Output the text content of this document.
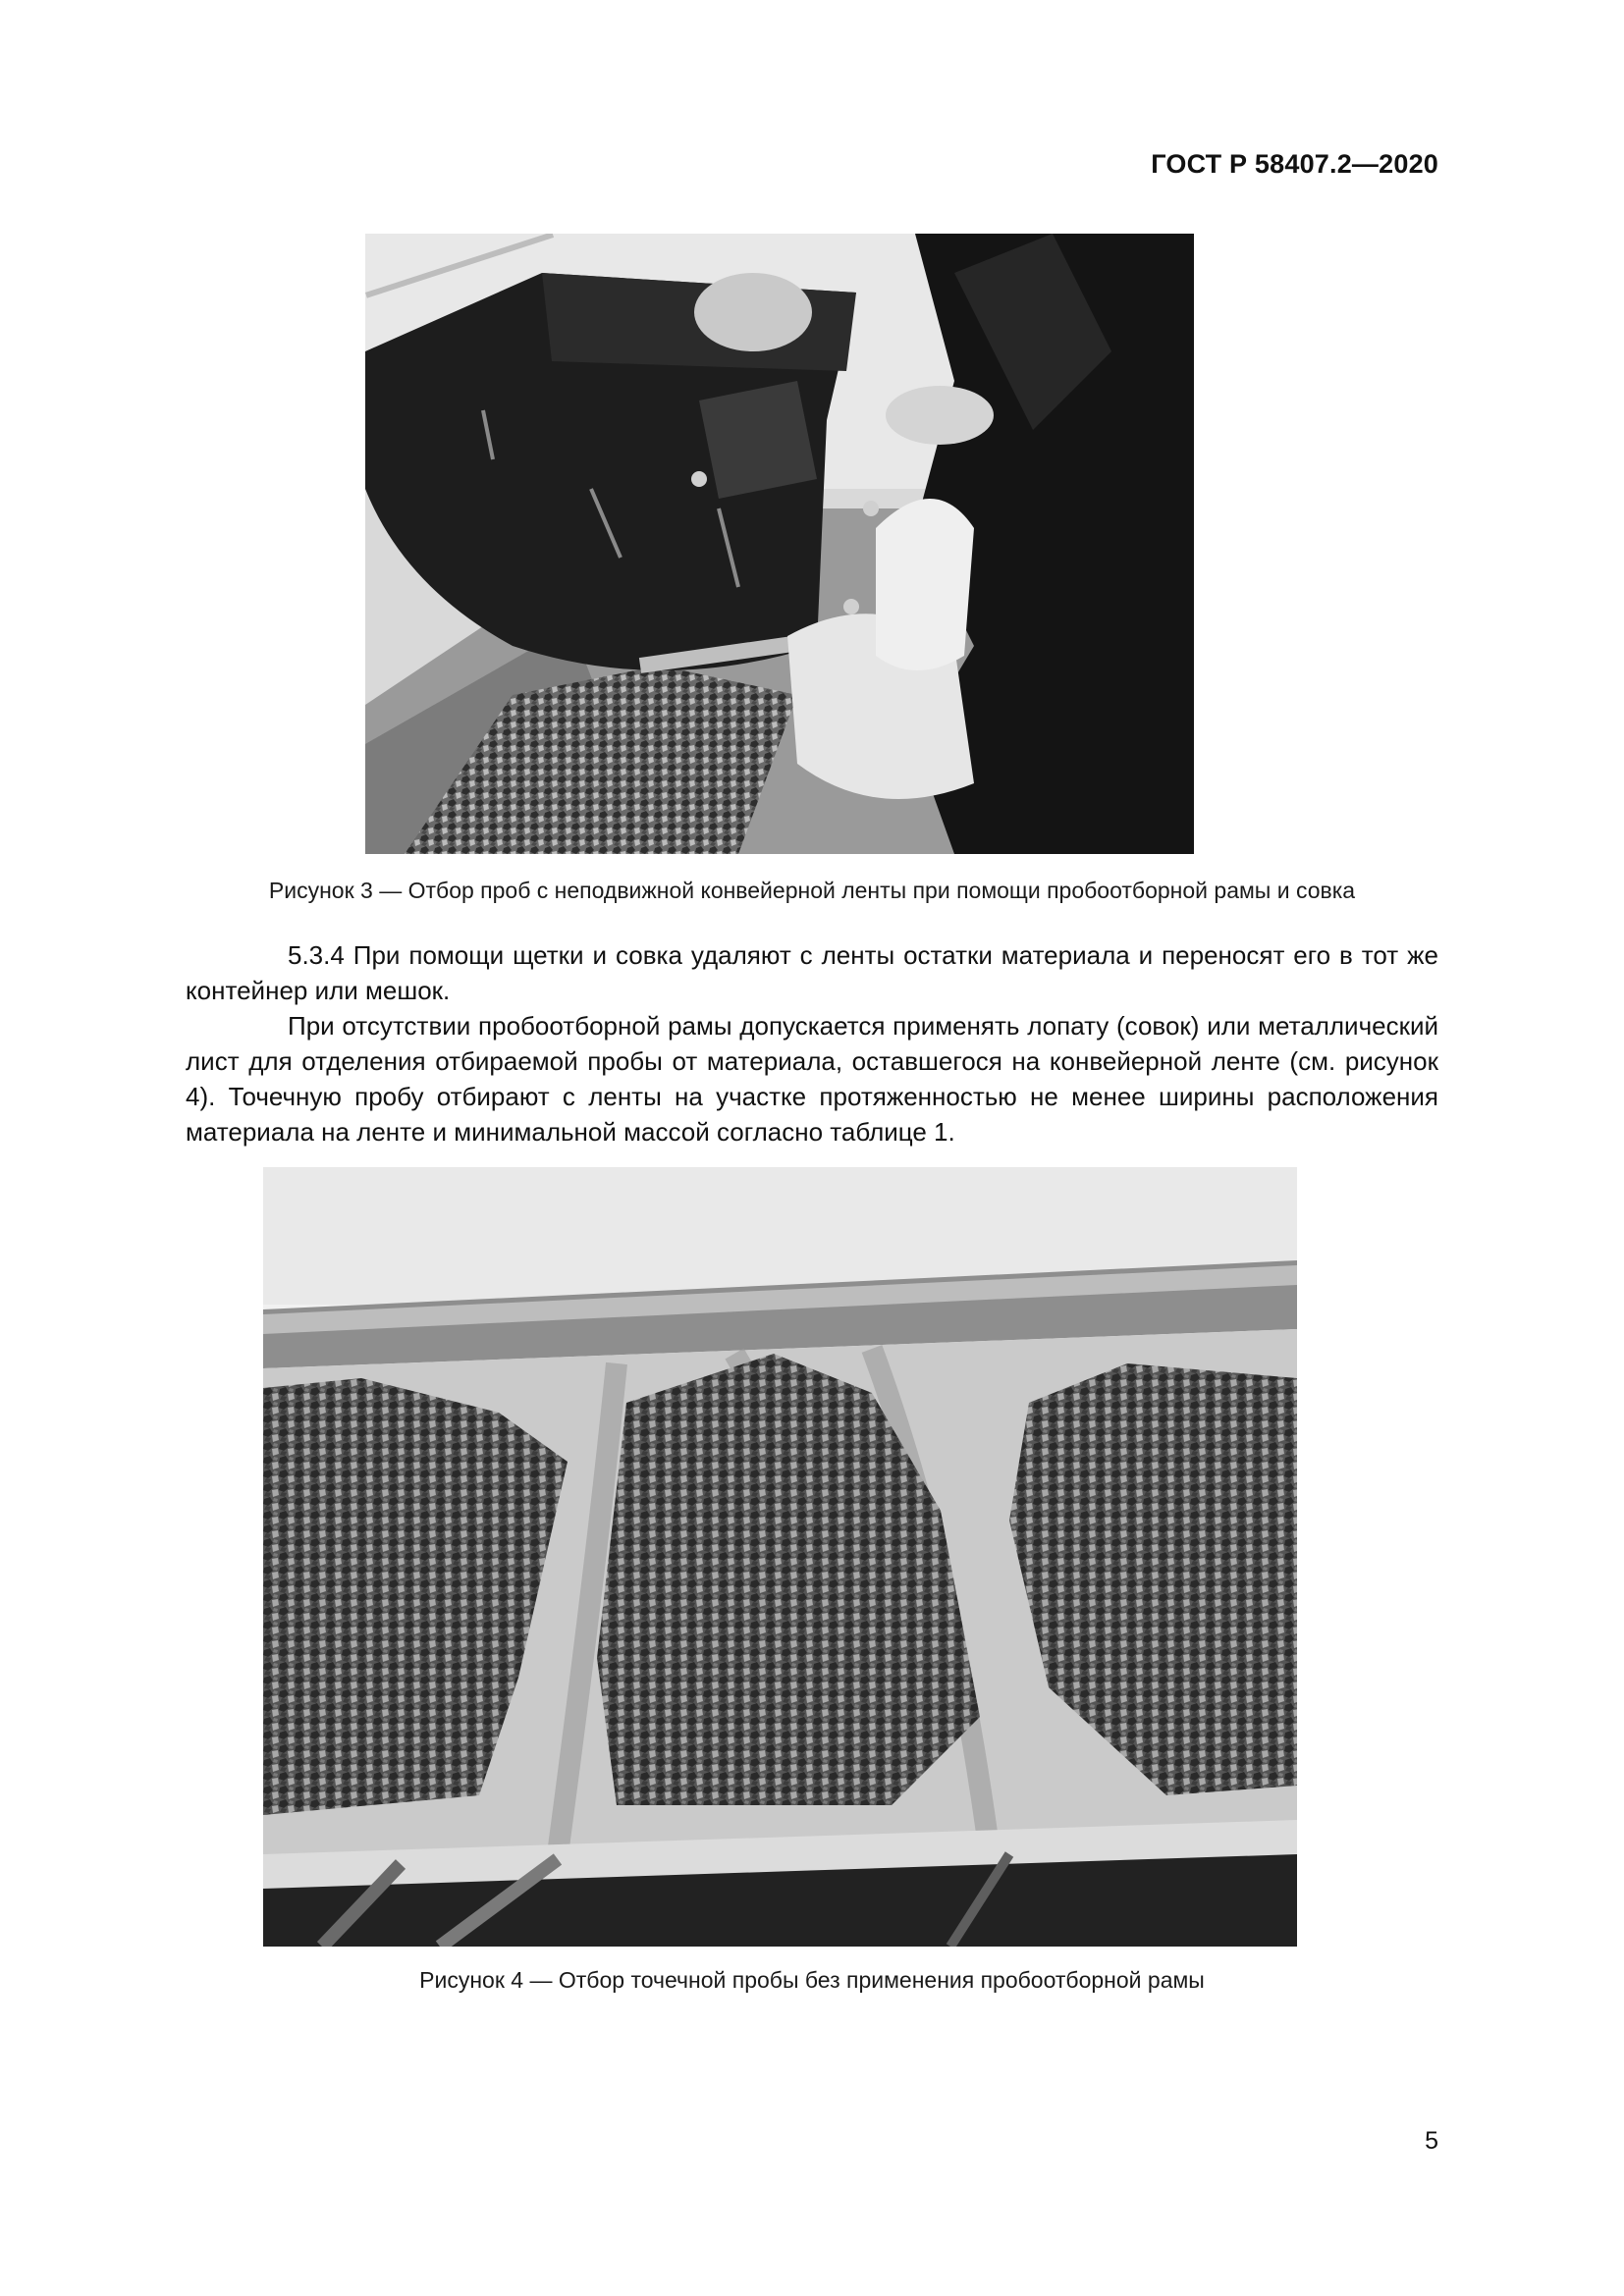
ГОСТ Р 58407.2—2020
Рисунок 3 — Отбор проб с неподвижной конвейерной ленты при помощи пробоотборной рамы и совка

5.3.4 При помощи щетки и совка удаляют с ленты остатки материала и переносят его в тот же контейнер или мешок.

При отсутствии пробоотборной рамы допускается применять лопату (совок) или металлический лист для отделения отбираемой пробы от материала, оставшегося на конвейерной ленте (см. рисунок 4). Точечную пробу отбирают с ленты на участке протяженностью не менее ширины расположения материала на ленте и минимальной массой согласно таблице 1.

Рисунок 4 — Отбор точечной пробы без применения пробоотборной рамы
5
